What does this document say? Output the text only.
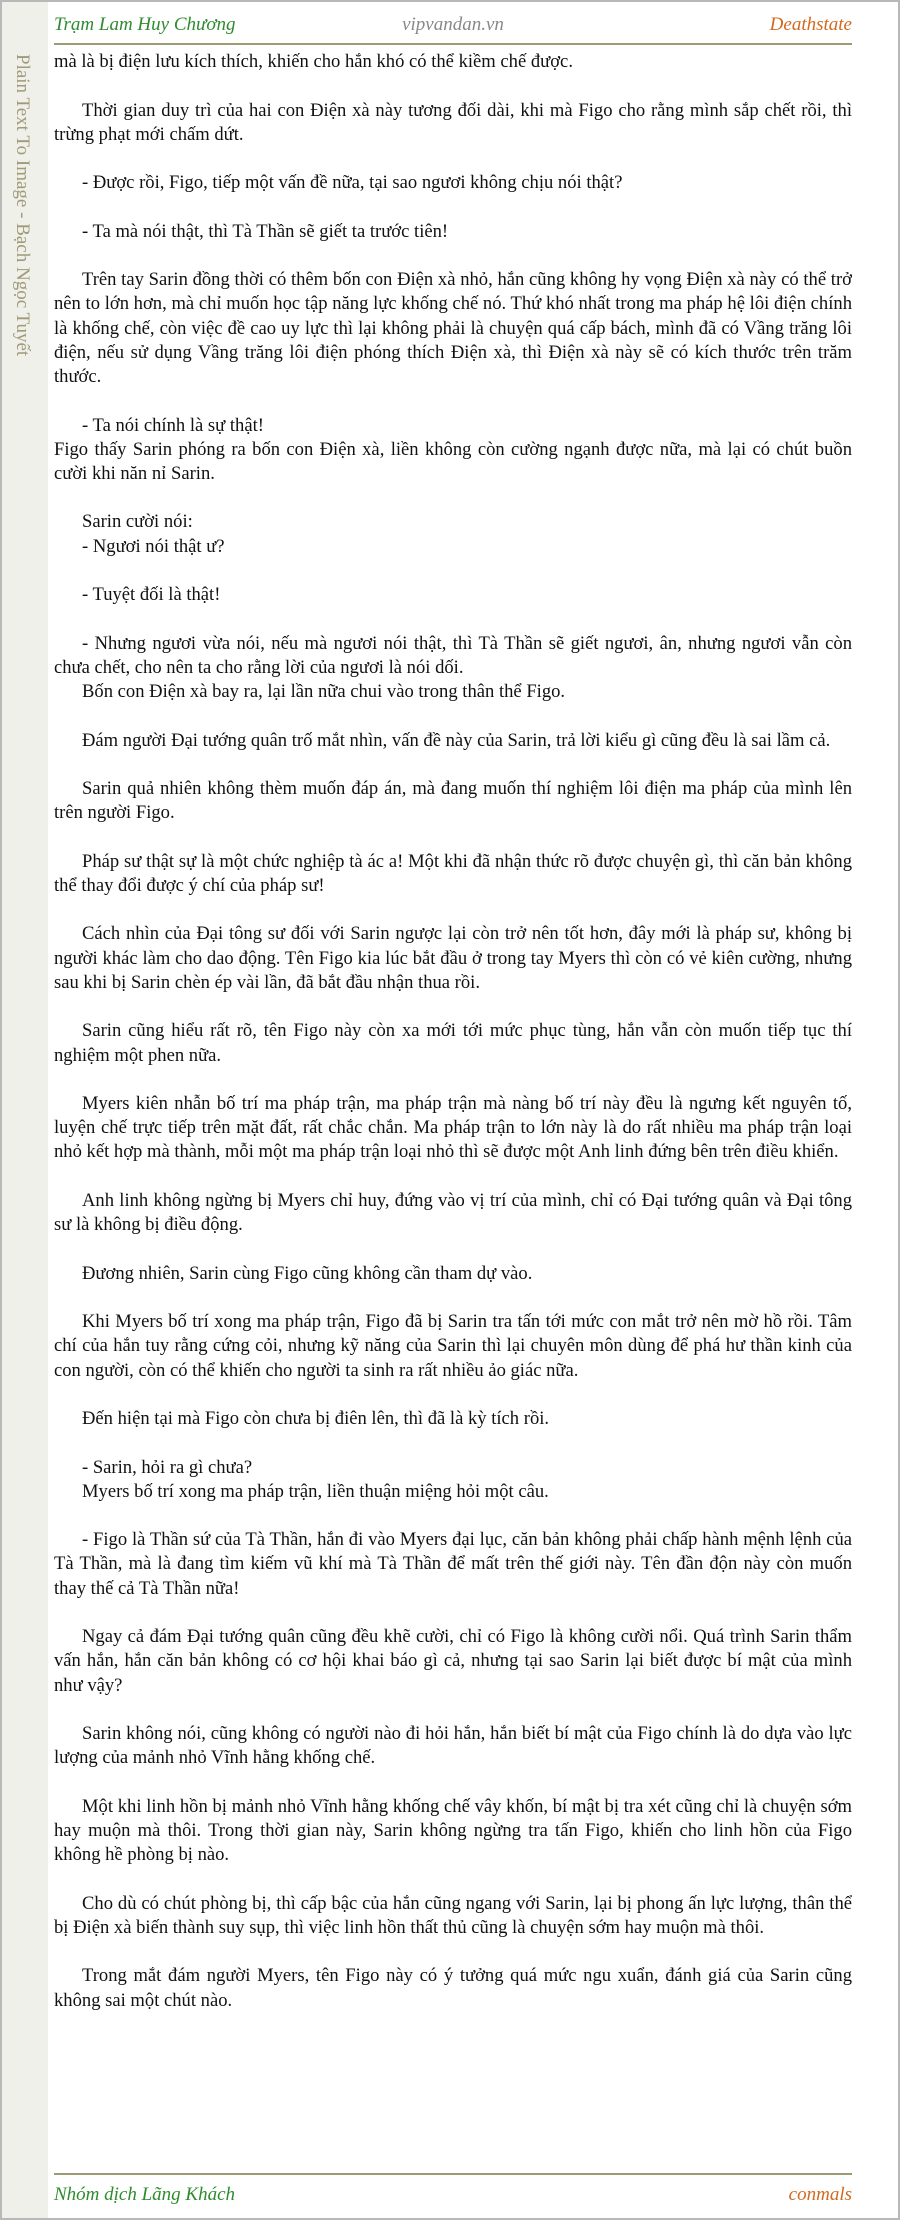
Plain Text To Image - Bạch Ngọc Tuyết
Trạm Lam Huy Chương	vipvandan.vn	Deathstate

mà là bị điện lưu kích thích, khiến cho hắn khó có thể kiềm chế được.

Thời gian duy trì của hai con Điện xà này tương đối dài, khi mà Figo cho rằng mình sắp chết rồi, thì trừng phạt mới chấm dứt.

- Được rồi, Figo, tiếp một vấn đề nữa, tại sao ngươi không chịu nói thật?

- Ta mà nói thật, thì Tà Thần sẽ giết ta trước tiên!

Trên tay Sarin đồng thời có thêm bốn con Điện xà nhỏ, hắn cũng không hy vọng Điện xà này có thể trở nên to lớn hơn, mà chỉ muốn học tập năng lực khống chế nó. Thứ khó nhất trong ma pháp hệ lôi điện chính là khống chế, còn việc đề cao uy lực thì lại không phải là chuyện quá cấp bách, mình đã có Vầng trăng lôi điện, nếu sử dụng Vầng trăng lôi điện phóng thích Điện xà, thì Điện xà này sẽ có kích thước trên trăm thước.

- Ta nói chính là sự thật!

Figo thấy Sarin phóng ra bốn con Điện xà, liền không còn cường ngạnh được nữa, mà lại có chút buồn cười khi năn nỉ Sarin.

Sarin cười nói:

- Ngươi nói thật ư?

- Tuyệt đối là thật!

- Nhưng ngươi vừa nói, nếu mà ngươi nói thật, thì Tà Thần sẽ giết ngươi, ân, nhưng ngươi vẫn còn chưa chết, cho nên ta cho rằng lời của ngươi là nói dối.

Bốn con Điện xà bay ra, lại lần nữa chui vào trong thân thể Figo.

Đám người Đại tướng quân trố mắt nhìn, vấn đề này của Sarin, trả lời kiểu gì cũng đều là sai lầm cả.

Sarin quả nhiên không thèm muốn đáp án, mà đang muốn thí nghiệm lôi điện ma pháp của mình lên trên người Figo.

Pháp sư thật sự là một chức nghiệp tà ác a! Một khi đã nhận thức rõ được chuyện gì, thì căn bản không thể thay đổi được ý chí của pháp sư!

Cách nhìn của Đại tông sư đối với Sarin ngược lại còn trở nên tốt hơn, đây mới là pháp sư, không bị người khác làm cho dao động. Tên Figo kia lúc bắt đầu ở trong tay Myers thì còn có vẻ kiên cường, nhưng sau khi bị Sarin chèn ép vài lần, đã bắt đầu nhận thua rồi.

Sarin cũng hiểu rất rõ, tên Figo này còn xa mới tới mức phục tùng, hắn vẫn còn muốn tiếp tục thí nghiệm một phen nữa.

Myers kiên nhẫn bố trí ma pháp trận, ma pháp trận mà nàng bố trí này đều là ngưng kết nguyên tố, luyện chế trực tiếp trên mặt đất, rất chắc chắn. Ma pháp trận to lớn này là do rất nhiều ma pháp trận loại nhỏ kết hợp mà thành, mỗi một ma pháp trận loại nhỏ thì sẽ được một Anh linh đứng bên trên điều khiển.

Anh linh không ngừng bị Myers chỉ huy, đứng vào vị trí của mình, chỉ có Đại tướng quân và Đại tông sư là không bị điều động.

Đương nhiên, Sarin cùng Figo cũng không cần tham dự vào.

Khi Myers bố trí xong ma pháp trận, Figo đã bị Sarin tra tấn tới mức con mắt trở nên mờ hồ rồi. Tâm chí của hắn tuy rằng cứng cỏi, nhưng kỹ năng của Sarin thì lại chuyên môn dùng để phá hư thần kinh của con người, còn có thể khiến cho người ta sinh ra rất nhiều ảo giác nữa.

Đến hiện tại mà Figo còn chưa bị điên lên, thì đã là kỳ tích rồi.

- Sarin, hỏi ra gì chưa?

Myers bố trí xong ma pháp trận, liền thuận miệng hỏi một câu.

- Figo là Thần sứ của Tà Thần, hắn đi vào Myers đại lục, căn bản không phải chấp hành mệnh lệnh của Tà Thần, mà là đang tìm kiếm vũ khí mà Tà Thần để mất trên thế giới này. Tên đần độn này còn muốn thay thế cả Tà Thần nữa!

Ngay cả đám Đại tướng quân cũng đều khẽ cười, chỉ có Figo là không cười nổi. Quá trình Sarin thẩm vấn hắn, hắn căn bản không có cơ hội khai báo gì cả, nhưng tại sao Sarin lại biết được bí mật của mình như vậy?

Sarin không nói, cũng không có người nào đi hỏi hắn, hắn biết bí mật của Figo chính là do dựa vào lực lượng của mảnh nhỏ Vĩnh hằng khống chế.

Một khi linh hồn bị mảnh nhỏ Vĩnh hằng khống chế vây khốn, bí mật bị tra xét cũng chỉ là chuyện sớm hay muộn mà thôi. Trong thời gian này, Sarin không ngừng tra tấn Figo, khiến cho linh hồn của Figo không hề phòng bị nào.

Cho dù có chút phòng bị, thì cấp bậc của hắn cũng ngang với Sarin, lại bị phong ấn lực lượng, thân thể bị Điện xà biến thành suy sụp, thì việc linh hồn thất thủ cũng là chuyện sớm hay muộn mà thôi.

Trong mắt đám người Myers, tên Figo này có ý tưởng quá mức ngu xuẩn, đánh giá của Sarin cũng không sai một chút nào.

Nhóm dịch Lãng Khách	conmals
